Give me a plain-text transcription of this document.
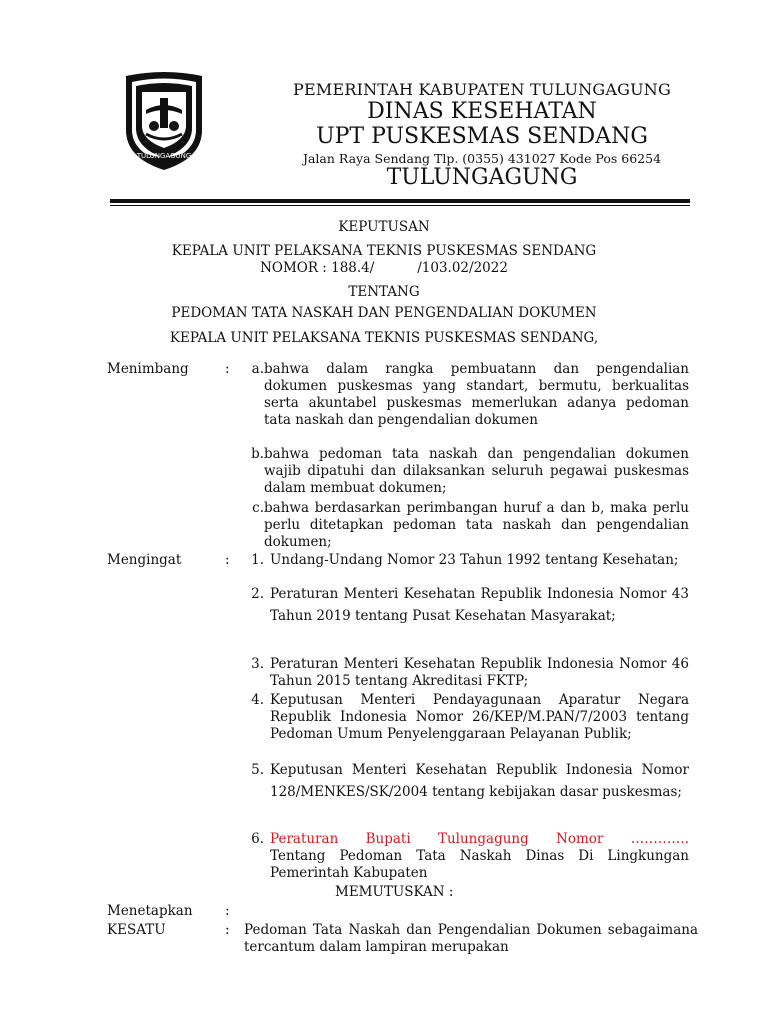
TULUNGAGUNG
PEMERINTAH KABUPATEN TULUNGAGUNG
DINAS KESEHATAN
UPT PUSKESMAS SENDANG
Jalan Raya Sendang Tlp. (0355) 431027 Kode Pos 66254
TULUNGAGUNG
KEPUTUSAN
KEPALA UNIT PELAKSANA TEKNIS PUSKESMAS SENDANG
NOMOR : 188.4/          /103.02/2022
TENTANG
PEDOMAN TATA NASKAH DAN PENGENDALIAN DOKUMEN
KEPALA UNIT PELAKSANA TEKNIS PUSKESMAS SENDANG,
Menimbang	:	a. bahwa dalam rangka pembuatann dan pengendalian dokumen puskesmas yang standart, bermutu, berkualitas serta akuntabel puskesmas memerlukan adanya pedoman tata naskah dan pengendalian dokumen
b. bahwa pedoman tata naskah dan pengendalian dokumen wajib dipatuhi dan dilaksankan seluruh pegawai puskesmas dalam membuat dokumen;
c. bahwa berdasarkan perimbangan huruf a dan b, maka perlu perlu ditetapkan pedoman tata naskah dan pengendalian dokumen;
Mengingat	:	1. Undang-Undang Nomor 23 Tahun 1992 tentang Kesehatan;
2. Peraturan Menteri Kesehatan Republik Indonesia Nomor 43 Tahun 2019 tentang Pusat Kesehatan Masyarakat;
3. Peraturan Menteri Kesehatan Republik Indonesia Nomor 46 Tahun 2015 tentang Akreditasi FKTP;
4. Keputusan Menteri Pendayagunaan Aparatur Negara Republik Indonesia Nomor 26/KEP/M.PAN/7/2003 tentang Pedoman Umum Penyelenggaraan Pelayanan Publik;
5. Keputusan Menteri Kesehatan Republik Indonesia Nomor 128/MENKES/SK/2004 tentang kebijakan dasar puskesmas;
6. Peraturan Bupati Tulungagung Nomor ………….
Tentang Pedoman Tata Naskah Dinas Di Lingkungan Pemerintah Kabupaten
MEMUTUSKAN :
Menetapkan :
KESATU	: Pedoman Tata Naskah dan Pengendalian Dokumen sebagaimana tercantum dalam lampiran merupakan
